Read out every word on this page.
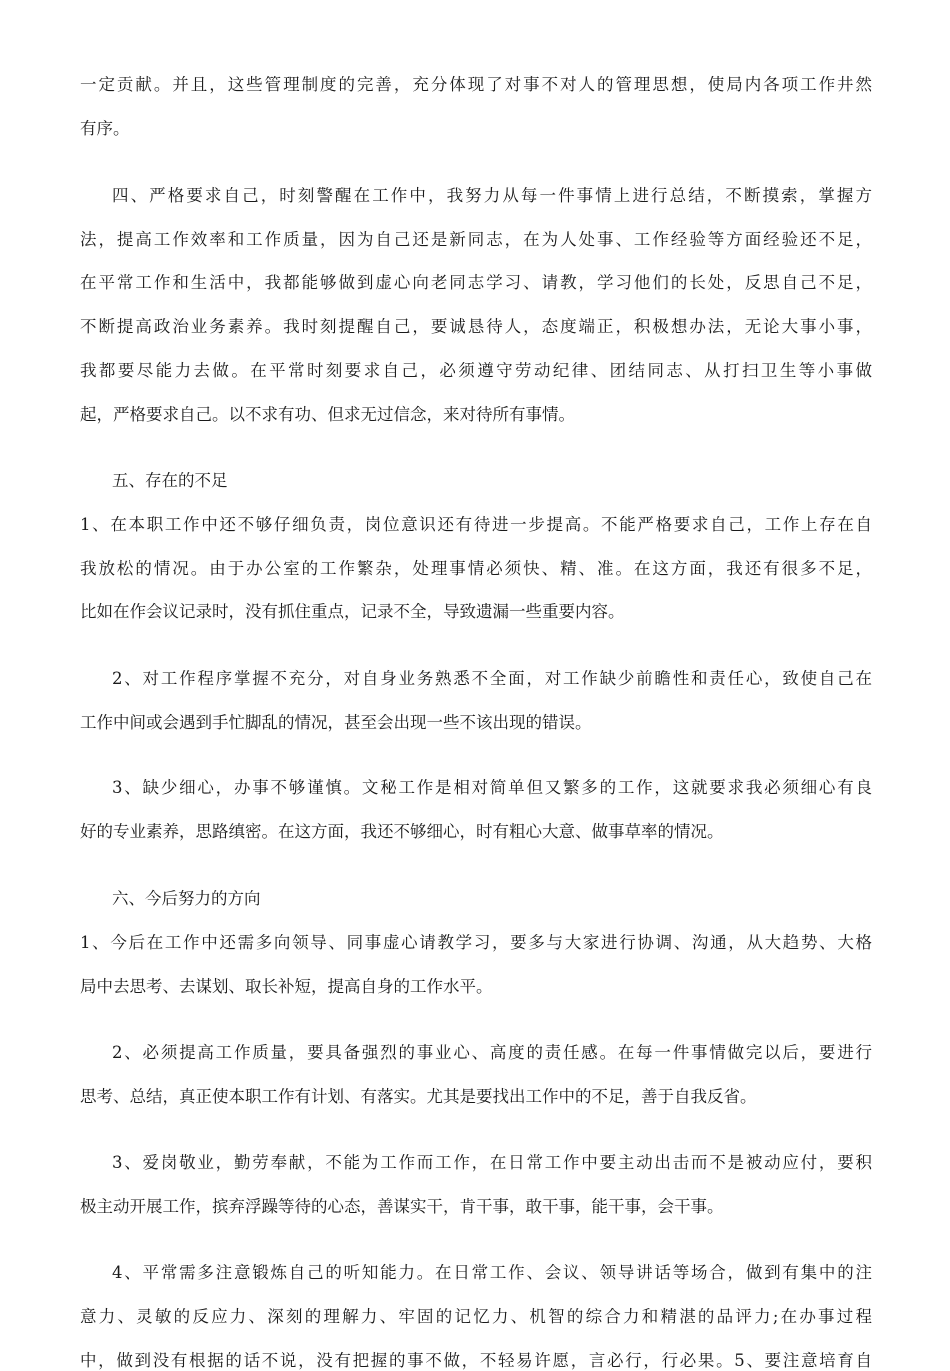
一定贡献。并且，这些管理制度的完善，充分体现了对事不对人的管理思想，使局内各项工作井然
有序。
四、严格要求自己，时刻警醒在工作中，我努力从每一件事情上进行总结，不断摸索，掌握方
法，提高工作效率和工作质量，因为自己还是新同志，在为人处事、工作经验等方面经验还不足，
在平常工作和生活中，我都能够做到虚心向老同志学习、请教，学习他们的长处，反思自己不足，
不断提高政治业务素养。我时刻提醒自己，要诚恳待人，态度端正，积极想办法，无论大事小事，
我都要尽能力去做。在平常时刻要求自己，必须遵守劳动纪律、团结同志、从打扫卫生等小事做
起，严格要求自己。以不求有功、但求无过信念，来对待所有事情。
五、存在的不足
1、在本职工作中还不够仔细负责，岗位意识还有待进一步提高。不能严格要求自己，工作上存在自
我放松的情况。由于办公室的工作繁杂，处理事情必须快、精、准。在这方面，我还有很多不足，
比如在作会议记录时，没有抓住重点，记录不全，导致遗漏一些重要内容。
2、对工作程序掌握不充分，对自身业务熟悉不全面，对工作缺少前瞻性和责任心，致使自己在
工作中间或会遇到手忙脚乱的情况，甚至会出现一些不该出现的错误。
3、缺少细心，办事不够谨慎。文秘工作是相对简单但又繁多的工作，这就要求我必须细心有良
好的专业素养，思路缜密。在这方面，我还不够细心，时有粗心大意、做事草率的情况。
六、今后努力的方向
1、今后在工作中还需多向领导、同事虚心请教学习，要多与大家进行协调、沟通，从大趋势、大格
局中去思考、去谋划、取长补短，提高自身的工作水平。
2、必须提高工作质量，要具备强烈的事业心、高度的责任感。在每一件事情做完以后，要进行
思考、总结，真正使本职工作有计划、有落实。尤其是要找出工作中的不足，善于自我反省。
3、爱岗敬业，勤劳奉献，不能为工作而工作，在日常工作中要主动出击而不是被动应付，要积
极主动开展工作，摈弃浮躁等待的心态，善谋实干，肯干事，敢干事，能干事，会干事。
4、平常需多注意锻炼自己的听知能力。在日常工作、会议、领导讲话等场合，做到有集中的注
意力、灵敏的反应力、深刻的理解力、牢固的记忆力、机智的综合力和精湛的品评力;在办事过程
中，做到没有根据的话不说，没有把握的事不做，不轻易许愿，言必行，行必果。5、要注意培育自
